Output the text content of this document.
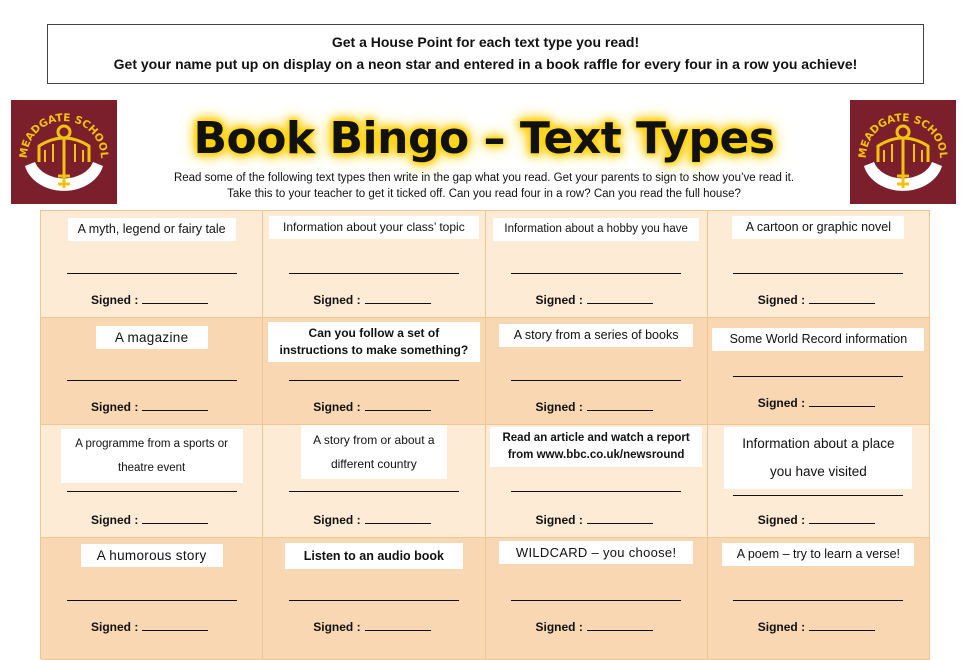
Get a House Point for each text type you read!
Get your name put up on display on a neon star and entered in a book raffle for every four in a row you achieve!
MEADGATE SCHOOL	MEADGATE SCHOOL
Book Bingo – Text Types
Read some of the following text types then write in the gap what you read. Get your parents to sign to show you’ve read it.
Take this to your teacher to get it ticked off. Can you read four in a row? Can you read the full house?
A myth, legend or fairy tale
Signed :
Information about your class’ topic
Signed :
Information about a hobby you have
Signed :
A cartoon or graphic novel
Signed :
A magazine
Signed :
Can you follow a set of instructions to make something?
Signed :
A story from a series of books
Signed :
Some World Record information
Signed :
A programme from a sports or theatre event
Signed :
A story from or about a different country
Signed :
Read an article and watch a report from www.bbc.co.uk/newsround
Signed :
Information about a place you have visited
Signed :
A humorous story
Signed :
Listen to an audio book
Signed :
WILDCARD – you choose!
Signed :
A poem – try to learn a verse!
Signed :
